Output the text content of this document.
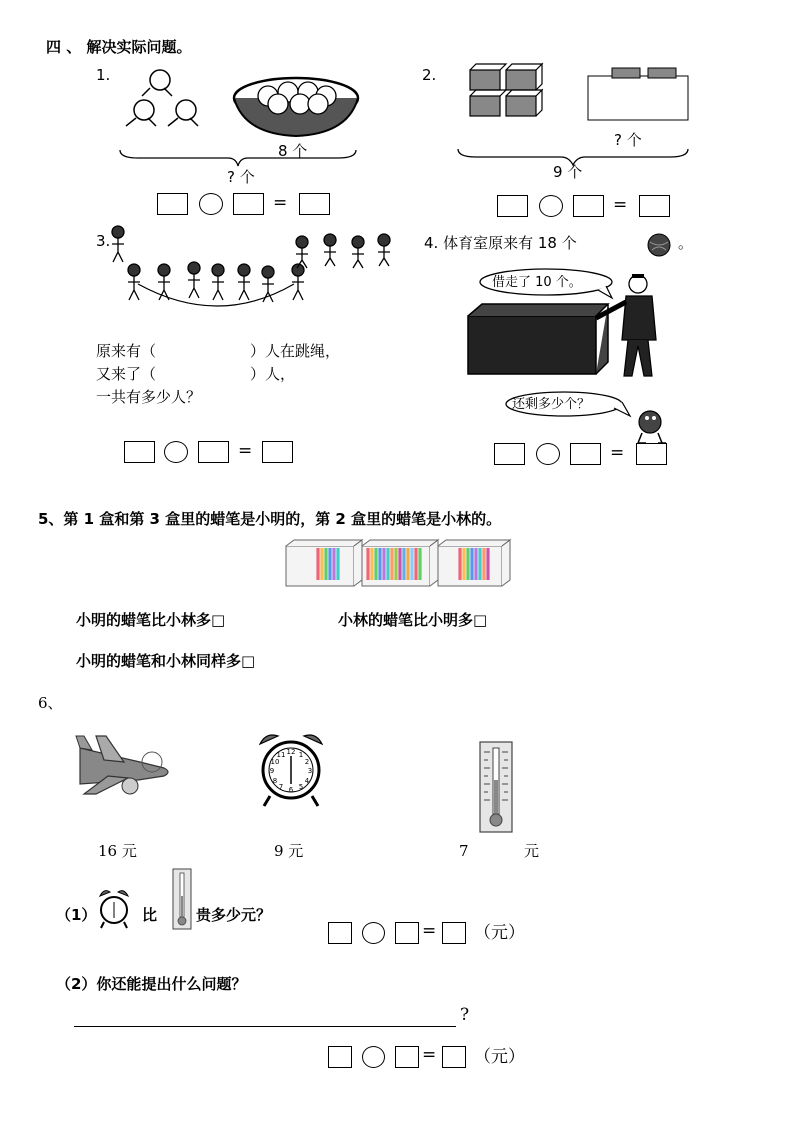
四 、 解决实际问题。
1.
8 个
? 个
=
2.
? 个
9 个
=
3.
原来有（	）人在跳绳，
又来了（	）人，
一共有多少人？
=
4. 体育室原来有 18 个	。
借走了 10 个。
还剩多少个？
=
5、第 1 盒和第 3 盒里的蜡笔是小明的，第 2 盒里的蜡笔是小林的。
小明的蜡笔比小林多□	小林的蜡笔比小明多□
小明的蜡笔和小林同样多□
6、
12
6
3
9
1
2
4
5
7
8
10
11
16 元	9 元	7	元
（1）	比	贵多少元？
= （元）
（2）你还能提出什么问题？
?
= （元）
